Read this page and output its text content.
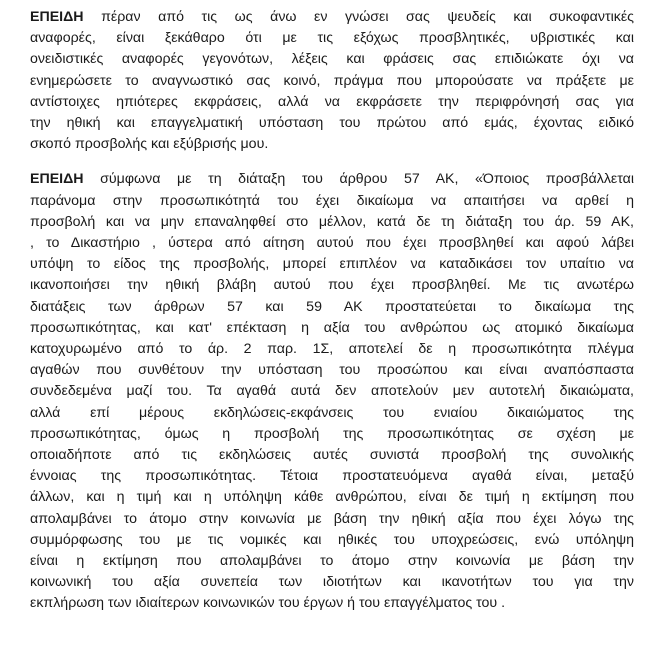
ΕΠΕΙΔΗ πέραν από τις ως άνω εν γνώσει σας ψευδείς και συκοφαντικές
αναφορές, είναι ξεκάθαρο ότι με τις εξόχως προσβλητικές, υβριστικές και
ονειδιστικές αναφορές γεγονότων, λέξεις και φράσεις σας επιδιώκατε όχι να
ενημερώσετε το αναγνωστικό σας κοινό, πράγμα που μπορούσατε να πράξετε με
αντίστοιχες ηπιότερες εκφράσεις, αλλά να εκφράσετε την περιφρόνησή σας για
την ηθική και επαγγελματική υπόσταση του πρώτου από εμάς, έχοντας ειδικό
σκοπό προσβολής και εξύβρισής μου.

ΕΠΕΙΔΗ σύμφωνα με τη διάταξη του άρθρου 57 ΑΚ, «Όποιος προσβάλλεται
παράνομα στην προσωπικότητά του έχει δικαίωμα να απαιτήσει να αρθεί η
προσβολή και να μην επαναληφθεί στο μέλλον, κατά δε τη διάταξη του άρ. 59 ΑΚ,
, το Δικαστήριο , ύστερα από αίτηση αυτού που έχει προσβληθεί και αφού λάβει
υπόψη το είδος της προσβολής, μπορεί επιπλέον να καταδικάσει τον υπαίτιο να
ικανοποιήσει την ηθική βλάβη αυτού που έχει προσβληθεί. Με τις ανωτέρω
διατάξεις των άρθρων 57 και 59 ΑΚ προστατεύεται το δικαίωμα της
προσωπικότητας, και κατ' επέκταση η αξία του ανθρώπου ως ατομικό δικαίωμα
κατοχυρωμένο από το άρ. 2 παρ. 1Σ, αποτελεί δε η προσωπικότητα πλέγμα
αγαθών που συνθέτουν την υπόσταση του προσώπου και είναι αναπόσπαστα
συνδεδεμένα μαζί του. Τα αγαθά αυτά δεν αποτελούν μεν αυτοτελή δικαιώματα,
αλλά επί μέρους εκδηλώσεις-εκφάνσεις του ενιαίου δικαιώματος της
προσωπικότητας, όμως η προσβολή της προσωπικότητας σε σχέση με
οποιαδήποτε από τις εκδηλώσεις αυτές συνιστά προσβολή της συνολικής
έννοιας της προσωπικότητας. Τέτοια προστατευόμενα αγαθά είναι, μεταξύ
άλλων, και η τιμή και η υπόληψη κάθε ανθρώπου, είναι δε τιμή η εκτίμηση που
απολαμβάνει το άτομο στην κοινωνία με βάση την ηθική αξία που έχει λόγω της
συμμόρφωσης του με τις νομικές και ηθικές του υποχρεώσεις, ενώ υπόληψη
είναι η εκτίμηση που απολαμβάνει το άτομο στην κοινωνία με βάση την
κοινωνική του αξία συνεπεία των ιδιοτήτων και ικανοτήτων του για την
εκπλήρωση των ιδιαίτερων κοινωνικών του έργων ή του επαγγέλματος του .
